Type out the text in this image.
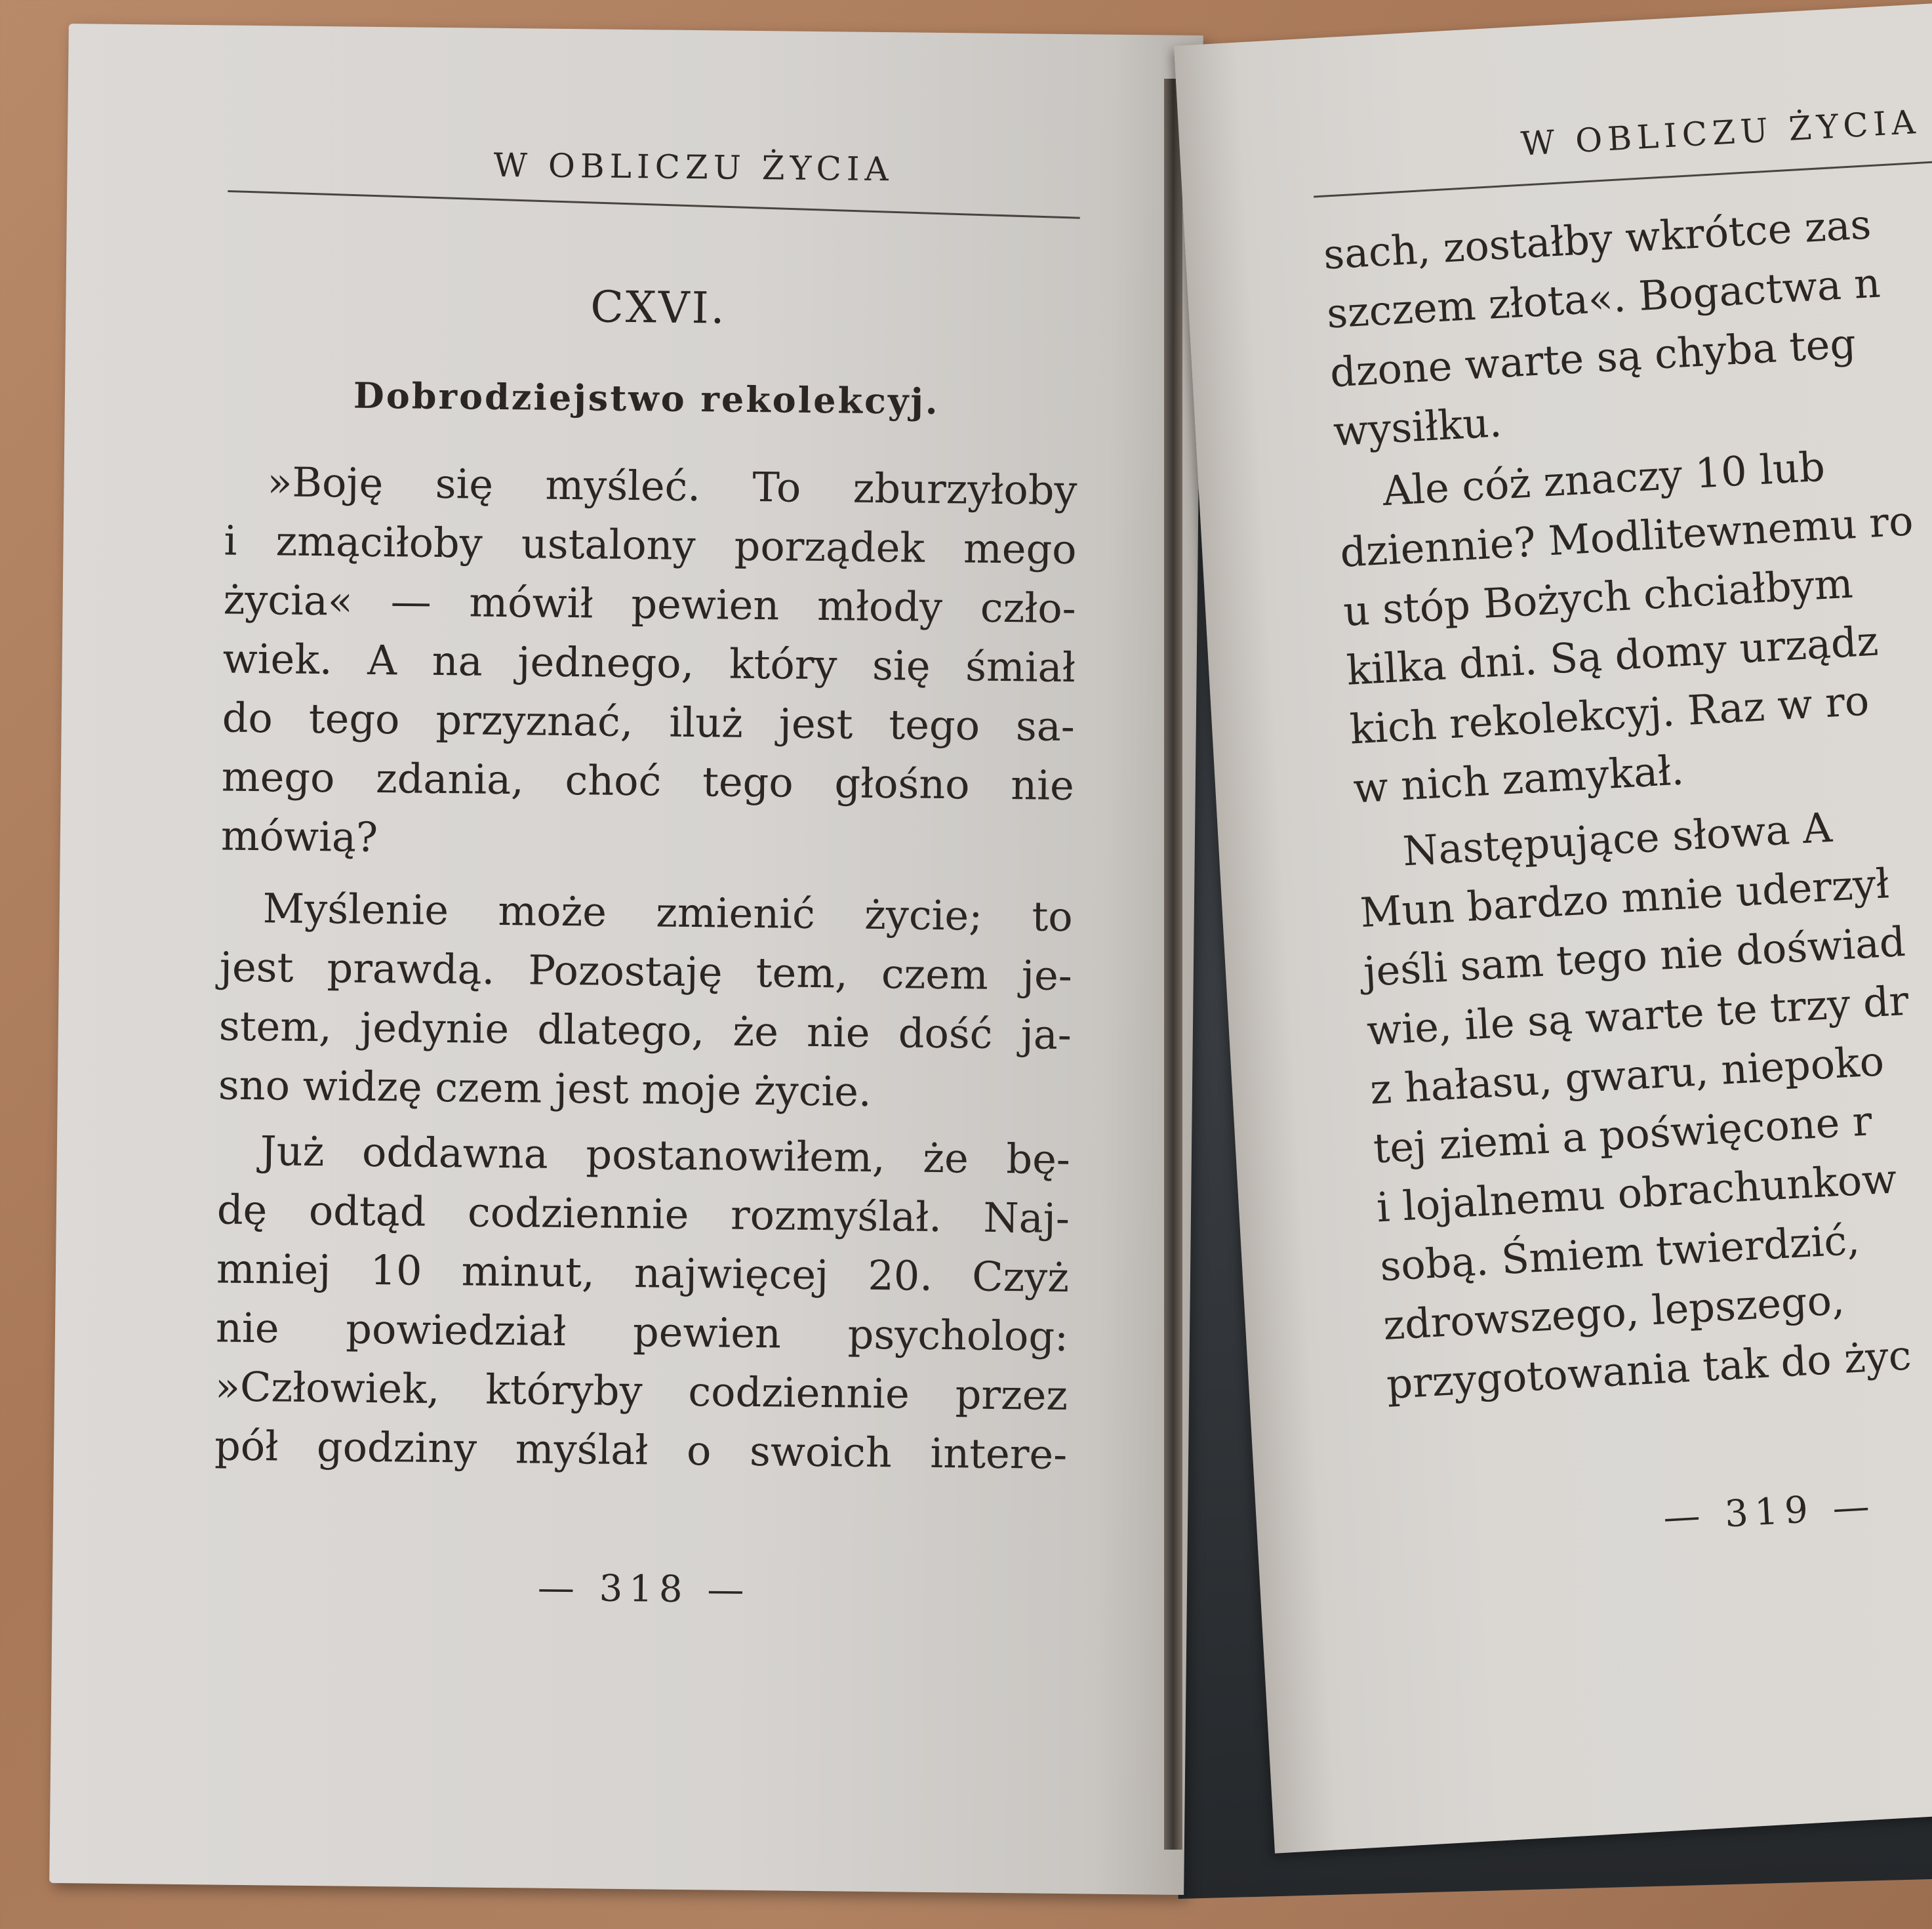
W OBLICZU ŻYCIA
CXVI.
Dobrodziejstwo rekolekcyj.
»Boję się myśleć. To zburzyłoby
i zmąciłoby ustalony porządek mego
życia« — mówił pewien młody czło-
wiek. A na jednego, który się śmiał
do tego przyznać, iluż jest tego sa-
mego zdania, choć tego głośno nie
mówią?
Myślenie może zmienić życie; to
jest prawdą. Pozostaję tem, czem je-
stem, jedynie dlatego, że nie dość ja-
sno widzę czem jest moje życie.
Już oddawna postanowiłem, że bę-
dę odtąd codziennie rozmyślał. Naj-
mniej 10 minut, najwięcej 20. Czyż
nie powiedział pewien psycholog:
»Człowiek, któryby codziennie przez
pół godziny myślał o swoich intere-
— 318 —
W OBLICZU ŻYCIA
sach, zostałby wkrótce zas
szczem złota«. Bogactwa n
dzone warte są chyba teg
wysiłku.
Ale cóż znaczy 10 lub
dziennie? Modlitewnemu ro
u stóp Bożych chciałbym
kilka dni. Są domy urządz
kich rekolekcyj. Raz w ro
w nich zamykał.
Następujące słowa A
Mun bardzo mnie uderzył
jeśli sam tego nie doświad
wie, ile są warte te trzy dr
z hałasu, gwaru, niepoko
tej ziemi a poświęcone r
i lojalnemu obrachunkow
sobą. Śmiem twierdzić,
zdrowszego, lepszego,
przygotowania tak do życ
— 319 —
